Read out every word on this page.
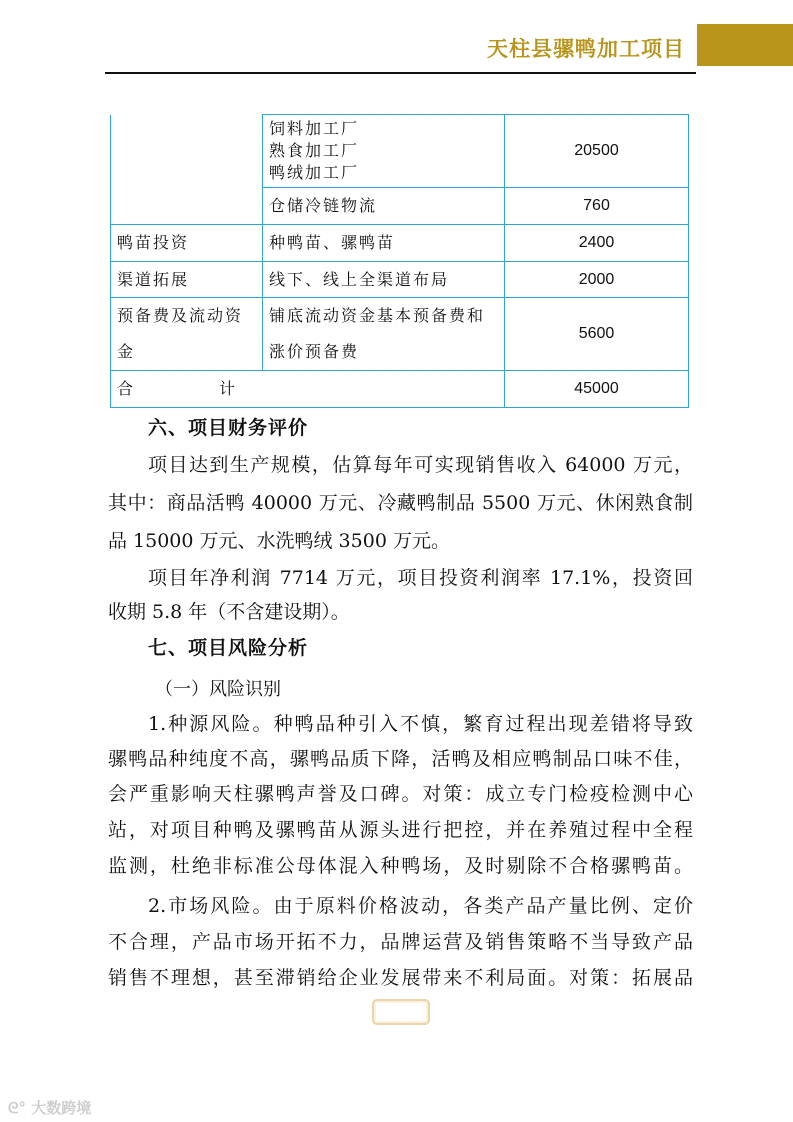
天柱县骡鸭加工项目

	饲料加工厂
熟食加工厂
鸭绒加工厂	20500
	仓储冷链物流	760
鸭苗投资	种鸭苗、骡鸭苗	2400
渠道拓展	线下、线上全渠道布局	2000
预备费及流动资金	铺底流动资金基本预备费和涨价预备费	5600
合 计		45000
六、项目财务评价
项目达到生产规模，估算每年可实现销售收入 64000 万元，
其中：商品活鸭 40000 万元、冷藏鸭制品 5500 万元、休闲熟食制
品 15000 万元、水洗鸭绒 3500 万元。
项目年净利润 7714 万元，项目投资利润率 17.1%，投资回
收期 5.8 年（不含建设期）。
七、项目风险分析
（一）风险识别
1.种源风险。种鸭品种引入不慎，繁育过程出现差错将导致
骡鸭品种纯度不高，骡鸭品质下降，活鸭及相应鸭制品口味不佳，
会严重影响天柱骡鸭声誉及口碑。对策：成立专门检疫检测中心
站，对项目种鸭及骡鸭苗从源头进行把控，并在养殖过程中全程
监测，杜绝非标准公母体混入种鸭场，及时剔除不合格骡鸭苗。
2.市场风险。由于原料价格波动，各类产品产量比例、定价
不合理，产品市场开拓不力，品牌运营及销售策略不当导致产品
销售不理想，甚至滞销给企业发展带来不利局面。对策：拓展品
ᘓ° 大数跨境
